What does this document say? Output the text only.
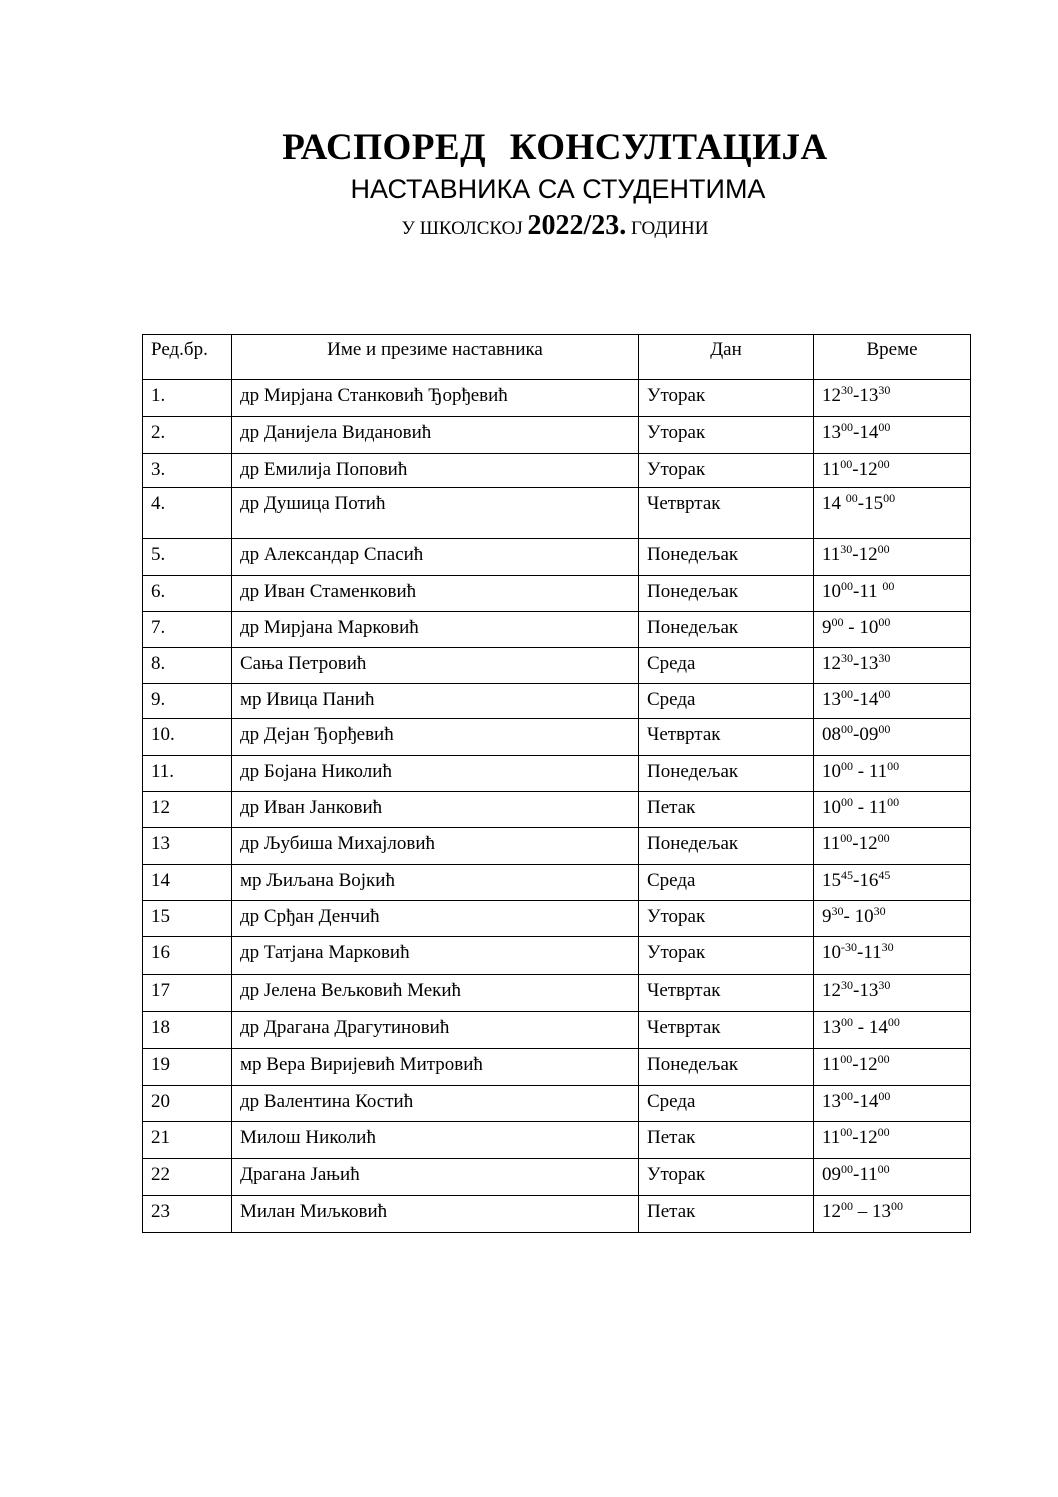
РАСПОРЕД КОНСУЛТАЦИЈА
НАСТАВНИКА СА СТУДЕНТИМА
У ШКОЛСКОЈ 2022/23. ГОДИНИ
Ред.бр.	Име и презиме наставника	Дан	Време
1.	др Мирјана Станковић Ђорђевић	Уторак	$12^{30}-13^{30}$
2.	др Данијела Видановић	Уторак	$13^{00}-14^{00}$
3.	др Емилија Поповић	Уторак	$11^{00}-12^{00}$
4.	др Душица Потић	Четвртак	14 $^{00}-15^{00}$
5.	др Александар Спасић	Понедељак	$11^{30}-12^{00}$
6.	др Иван Стаменковић	Понедељак	$10^{00}-11$ $^{00}$
7.	др Мирјана Марковић	Понедељак	$9^{00} - 10^{00}$
8.	Сања Петровић	Среда	$12^{30}-13^{30}$
9.	мр Ивица Панић	Среда	$13^{00}-14^{00}$
10.	др Дејан Ђорђевић	Четвртак	$08^{00}-09^{00}$
11.	др Бојана Николић	Понедељак	$10^{00} - 11^{00}$
12	др Иван Јанковић	Петак	$10^{00} - 11^{00}$
13	др Љубиша Михајловић	Понедељак	$11^{00}-12^{00}$
14	мр Љиљана Војкић	Среда	$15^{45}-16^{45}$
15	др Срђан Денчић	Уторак	$9^{30}-$ $10^{30}$
16	др Татјана Марковић	Уторак	$10^{-30}-11^{30}$
17	др Јелена Вељковић Мекић	Четвртак	$12^{30}-13^{30}$
18	др Драгана Драгутиновић	Четвртак	$13^{00} - 14^{00}$
19	мр Вера Виријевић Митровић	Понедељак	$11^{00}-12^{00}$
20	др Валентина Костић	Среда	$13^{00}-14^{00}$
21	Милош Николић	Петак	$11^{00}-12^{00}$
22	Драгана Јањић	Уторак	$09^{00}-11^{00}$
23	Милан Миљковић	Петак	$12^{00} - 13^{00}$
